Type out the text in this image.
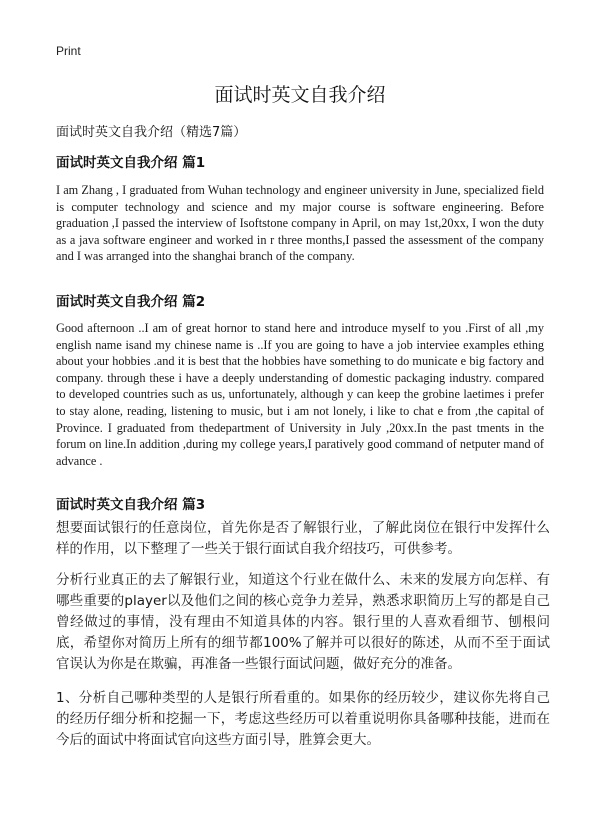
Print
面试时英文自我介绍
面试时英文自我介绍（精选7篇）
面试时英文自我介绍 篇1

I am Zhang , I graduated from Wuhan technology and engineer university in June, specialized field is computer technology and science and my major course is software engineering. Before graduation ,I passed the interview of Isoftstone company in April, on may 1st,20xx, I won the duty as a java software engineer and worked in r three months,I passed the assessment of the company and I was arranged into the shanghai branch of the company.

面试时英文自我介绍 篇2

Good afternoon ..I am of great hornor to stand here and introduce myself to you .First of all ,my english name isand my chinese name is ..If you are going to have a job interviee examples ething about your hobbies .and it is best that the hobbies have something to do municate e big factory and company. through these i have a deeply understanding of domestic packaging industry. compared to developed countries such as us, unfortunately, although y can keep the grobine laetimes i prefer to stay alone, reading, listening to music, but i am not lonely, i like to chat e from ,the capital of Province. I graduated from thedepartment of University in July ,20xx.In the past tments in the forum on line.In addition ,during my college years,I paratively good command of netputer mand of advance .

面试时英文自我介绍 篇3

想要面试银行的任意岗位，首先你是否了解银行业，了解此岗位在银行中发挥什么样的作用，以下整理了一些关于银行面试自我介绍技巧，可供参考。

分析行业真正的去了解银行业，知道这个行业在做什么、未来的发展方向怎样、有哪些重要的player以及他们之间的核心竞争力差异，熟悉求职简历上写的都是自己曾经做过的事情，没有理由不知道具体的内容。银行里的人喜欢看细节、刨根问底，希望你对简历上所有的细节都100%了解并可以很好的陈述，从而不至于面试官误认为你是在欺骗，再准备一些银行面试问题，做好充分的准备。

1、分析自己哪种类型的人是银行所看重的。如果你的经历较少，建议你先将自己的经历仔细分析和挖掘一下，考虑这些经历可以着重说明你具备哪种技能，进而在今后的面试中将面试官向这些方面引导，胜算会更大。
